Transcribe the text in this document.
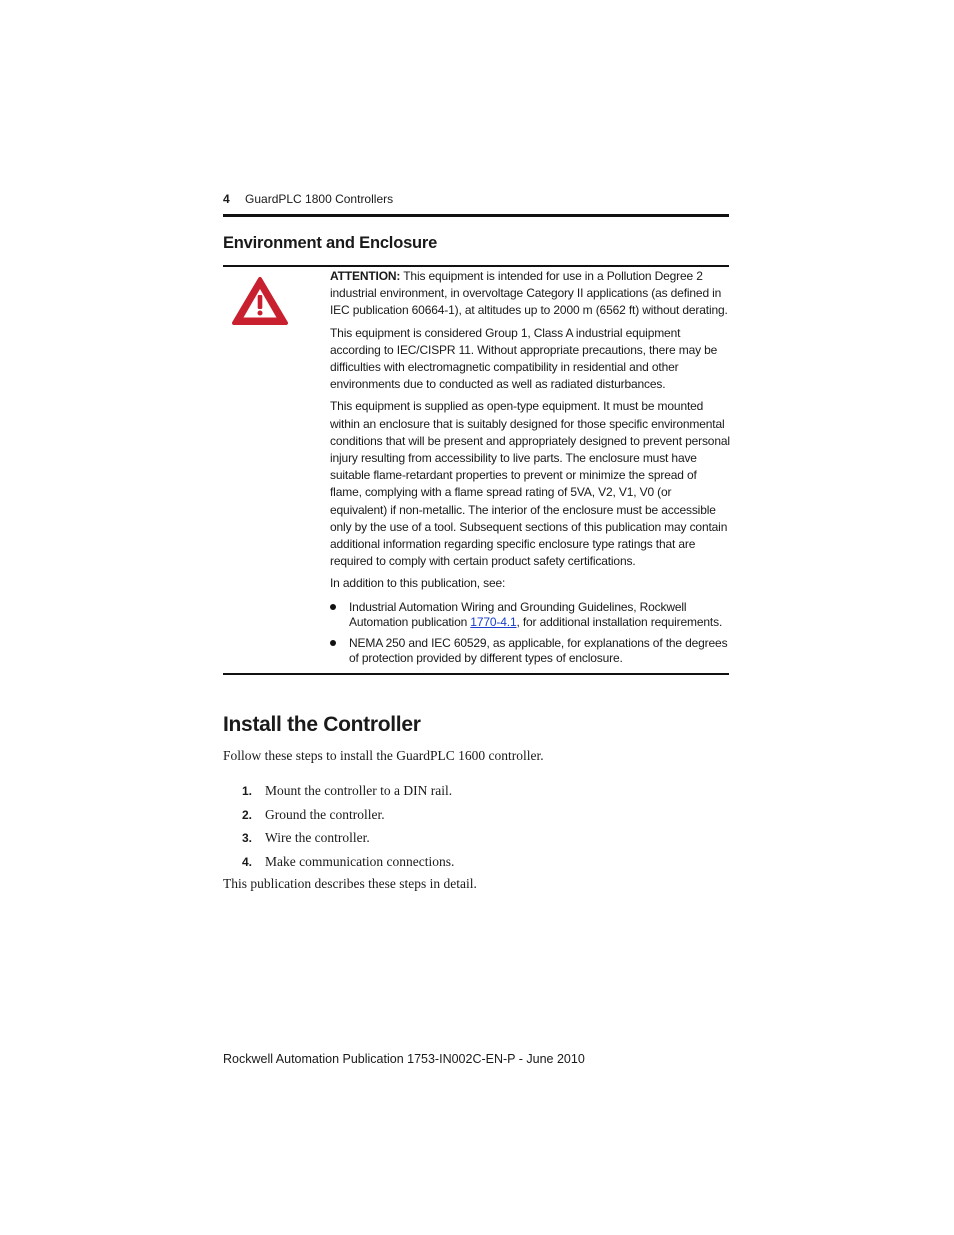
4 GuardPLC 1800 Controllers
Environment and Enclosure

ATTENTION: This equipment is intended for use in a Pollution Degree 2 industrial environment, in overvoltage Category II applications (as defined in IEC publication 60664-1), at altitudes up to 2000 m (6562 ft) without derating.

This equipment is considered Group 1, Class A industrial equipment according to IEC/CISPR 11. Without appropriate precautions, there may be difficulties with electromagnetic compatibility in residential and other environments due to conducted as well as radiated disturbances.

This equipment is supplied as open-type equipment. It must be mounted within an enclosure that is suitably designed for those specific environmental conditions that will be present and appropriately designed to prevent personal injury resulting from accessibility to live parts. The enclosure must have suitable flame-retardant properties to prevent or minimize the spread of flame, complying with a flame spread rating of 5VA, V2, V1, V0 (or equivalent) if non-metallic. The interior of the enclosure must be accessible only by the use of a tool. Subsequent sections of this publication may contain additional information regarding specific enclosure type ratings that are required to comply with certain product safety certifications.

In addition to this publication, see:

Industrial Automation Wiring and Grounding Guidelines, Rockwell Automation publication 1770-4.1, for additional installation requirements.
NEMA 250 and IEC 60529, as applicable, for explanations of the degrees of protection provided by different types of enclosure.
Install the Controller

Follow these steps to install the GuardPLC 1600 controller.

1. Mount the controller to a DIN rail.
2. Ground the controller.
3. Wire the controller.
4. Make communication connections.

This publication describes these steps in detail.

Rockwell Automation Publication 1753-IN002C-EN-P - June 2010
